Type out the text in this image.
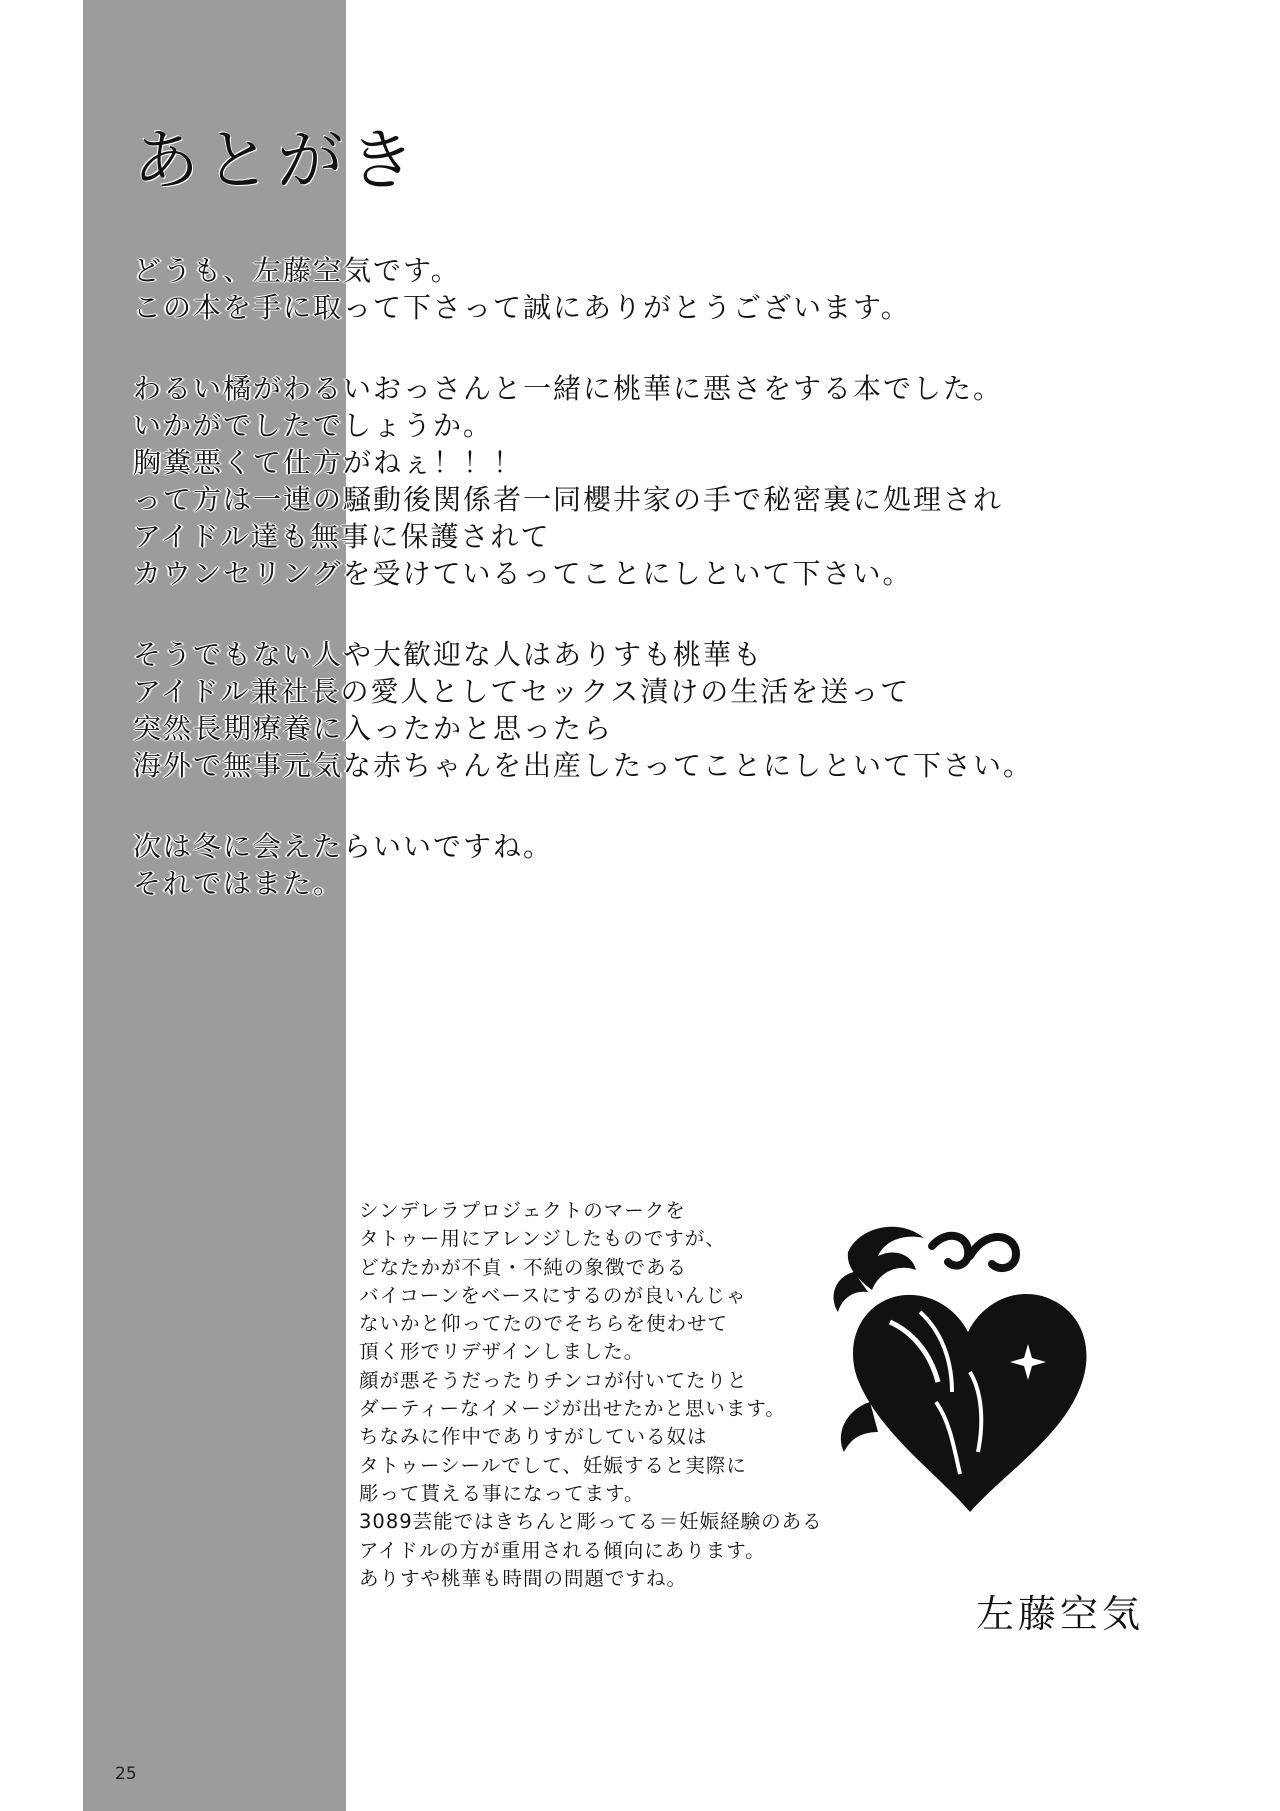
あとがき
どうも、左藤空気です。
この本を手に取って下さって誠にありがとうございます。
わるい橘がわるいおっさんと一緒に桃華に悪さをする本でした。
いかがでしたでしょうか。
胸糞悪くて仕方がねぇ！！！
って方は一連の騒動後関係者一同櫻井家の手で秘密裏に処理され
アイドル達も無事に保護されて
カウンセリングを受けているってことにしといて下さい。
そうでもない人や大歓迎な人はありすも桃華も
アイドル兼社長の愛人としてセックス漬けの生活を送って
突然長期療養に入ったかと思ったら
海外で無事元気な赤ちゃんを出産したってことにしといて下さい。
次は冬に会えたらいいですね。
それではまた。
シンデレラプロジェクトのマークを
タトゥー用にアレンジしたものですが、
どなたかが不貞・不純の象徴である
バイコーンをベースにするのが良いんじゃ
ないかと仰ってたのでそちらを使わせて
頂く形でリデザインしました。
顔が悪そうだったりチンコが付いてたりと
ダーティーなイメージが出せたかと思います。
ちなみに作中でありすがしている奴は
タトゥーシールでして、妊娠すると実際に
彫って貰える事になってます。
3089芸能ではきちんと彫ってる＝妊娠経験のある
アイドルの方が重用される傾向にあります。
ありすや桃華も時間の問題ですね。
左藤空気
25
